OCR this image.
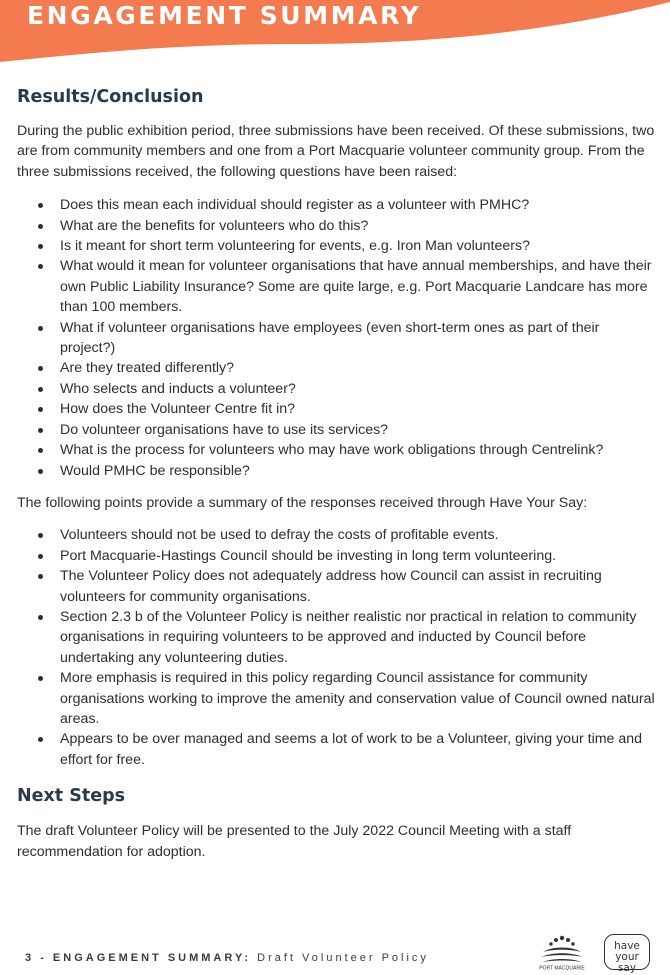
ENGAGEMENT SUMMARY
Results/Conclusion

During the public exhibition period, three submissions have been received. Of these submissions, two are from community members and one from a Port Macquarie volunteer community group. From the three submissions received, the following questions have been raised:

Does this mean each individual should register as a volunteer with PMHC?
What are the benefits for volunteers who do this?
Is it meant for short term volunteering for events, e.g. Iron Man volunteers?
What would it mean for volunteer organisations that have annual memberships, and have their own Public Liability Insurance? Some are quite large, e.g. Port Macquarie Landcare has more than 100 members.
What if volunteer organisations have employees (even short-term ones as part of their project?)
Are they treated differently?
Who selects and inducts a volunteer?
How does the Volunteer Centre fit in?
Do volunteer organisations have to use its services?
What is the process for volunteers who may have work obligations through Centrelink?
Would PMHC be responsible?

The following points provide a summary of the responses received through Have Your Say:

Volunteers should not be used to defray the costs of profitable events.
Port Macquarie-Hastings Council should be investing in long term volunteering.
The Volunteer Policy does not adequately address how Council can assist in recruiting volunteers for community organisations.
Section 2.3 b of the Volunteer Policy is neither realistic nor practical in relation to community organisations in requiring volunteers to be approved and inducted by Council before undertaking any volunteering duties.
More emphasis is required in this policy regarding Council assistance for community organisations working to improve the amenity and conservation value of Council owned natural areas.
Appears to be over managed and seems a lot of work to be a Volunteer, giving your time and effort for free.
Next Steps

The draft Volunteer Policy will be presented to the July 2022 Council Meeting with a staff recommendation for adoption.

3 - ENGAGEMENT SUMMARY: Draft Volunteer Policy
PORT MACQUARIE
have
your say
